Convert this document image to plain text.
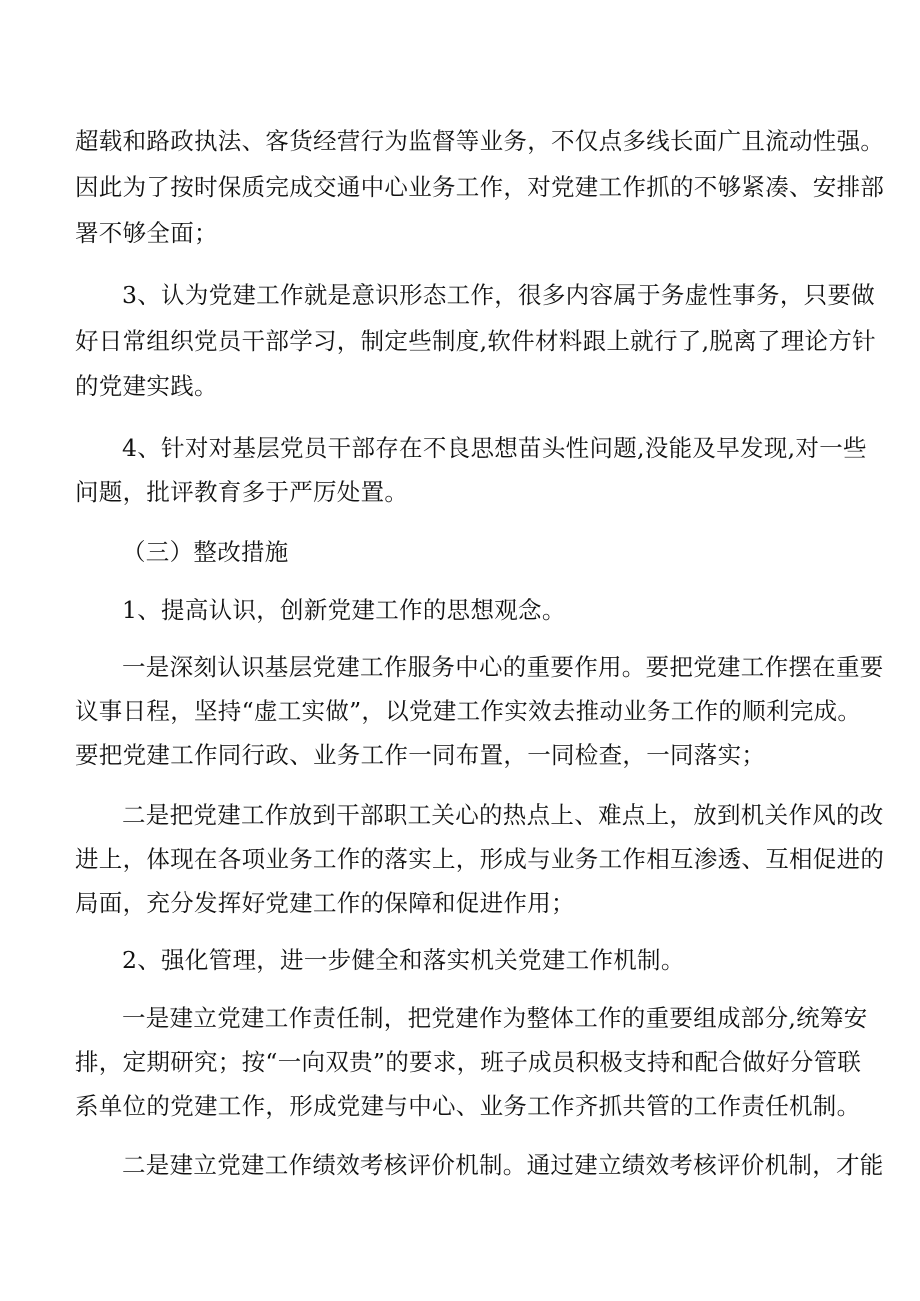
超载和路政执法、客货经营行为监督等业务，不仅点多线长面广且流动性强。
因此为了按时保质完成交通中心业务工作，对党建工作抓的不够紧凑、安排部
署不够全面；
3、认为党建工作就是意识形态工作，很多内容属于务虚性事务，只要做
好日常组织党员干部学习，制定些制度,软件材料跟上就行了,脱离了理论方针
的党建实践。
4、针对对基层党员干部存在不良思想苗头性问题,没能及早发现,对一些
问题，批评教育多于严厉处置。
（三）整改措施
1、提高认识，创新党建工作的思想观念。
一是深刻认识基层党建工作服务中心的重要作用。要把党建工作摆在重要
议事日程，坚持“虚工实做”，以党建工作实效去推动业务工作的顺利完成。
要把党建工作同行政、业务工作一同布置，一同检查，一同落实；
二是把党建工作放到干部职工关心的热点上、难点上，放到机关作风的改
进上，体现在各项业务工作的落实上，形成与业务工作相互渗透、互相促进的
局面，充分发挥好党建工作的保障和促进作用；
2、强化管理，进一步健全和落实机关党建工作机制。
一是建立党建工作责任制，把党建作为整体工作的重要组成部分,统筹安
排，定期研究；按“一向双贵”的要求，班子成员积极支持和配合做好分管联
系单位的党建工作，形成党建与中心、业务工作齐抓共管的工作责任机制。
二是建立党建工作绩效考核评价机制。通过建立绩效考核评价机制，才能
